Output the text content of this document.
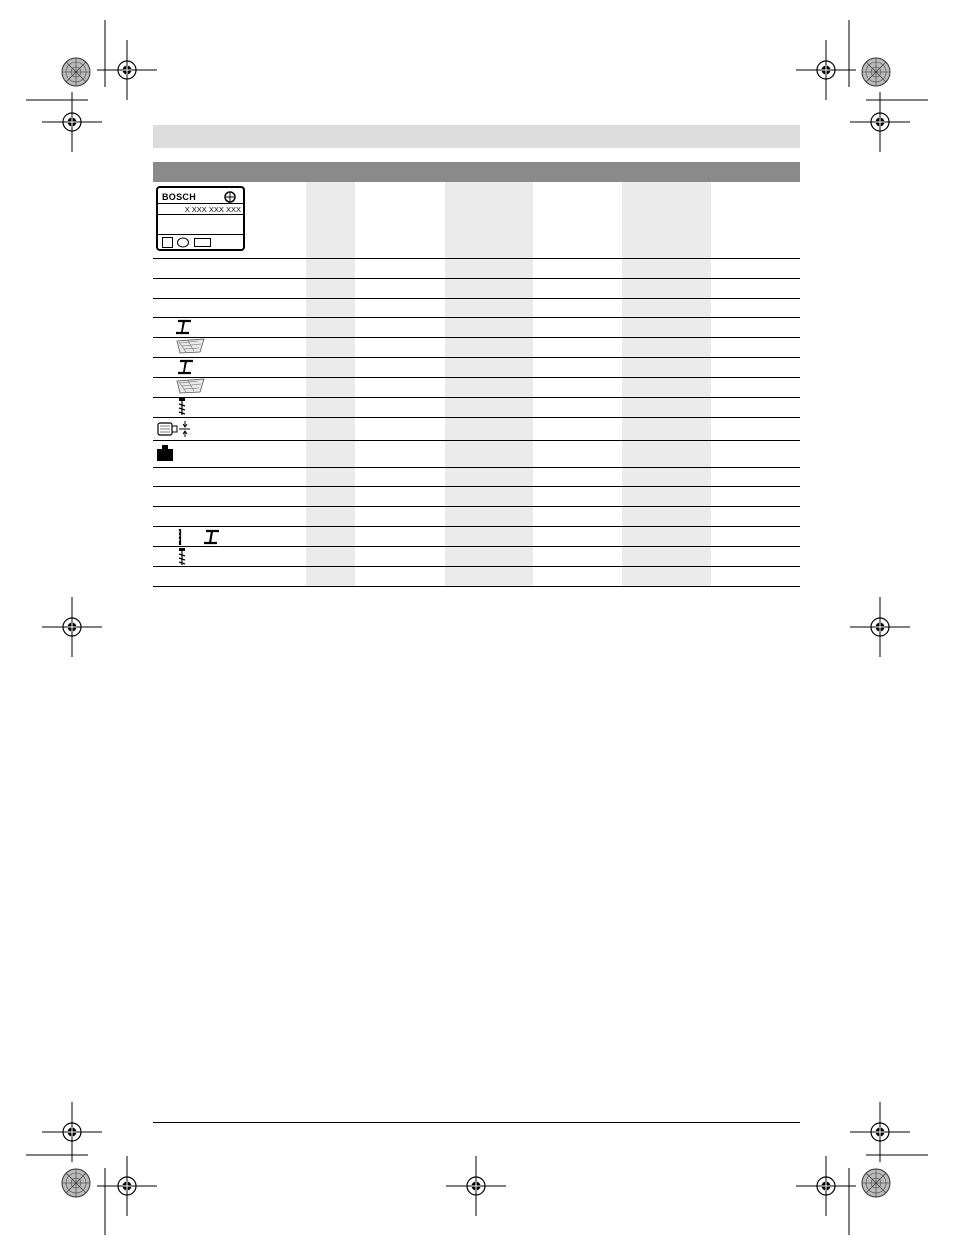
BOSCH
X XXX XXX XXX
